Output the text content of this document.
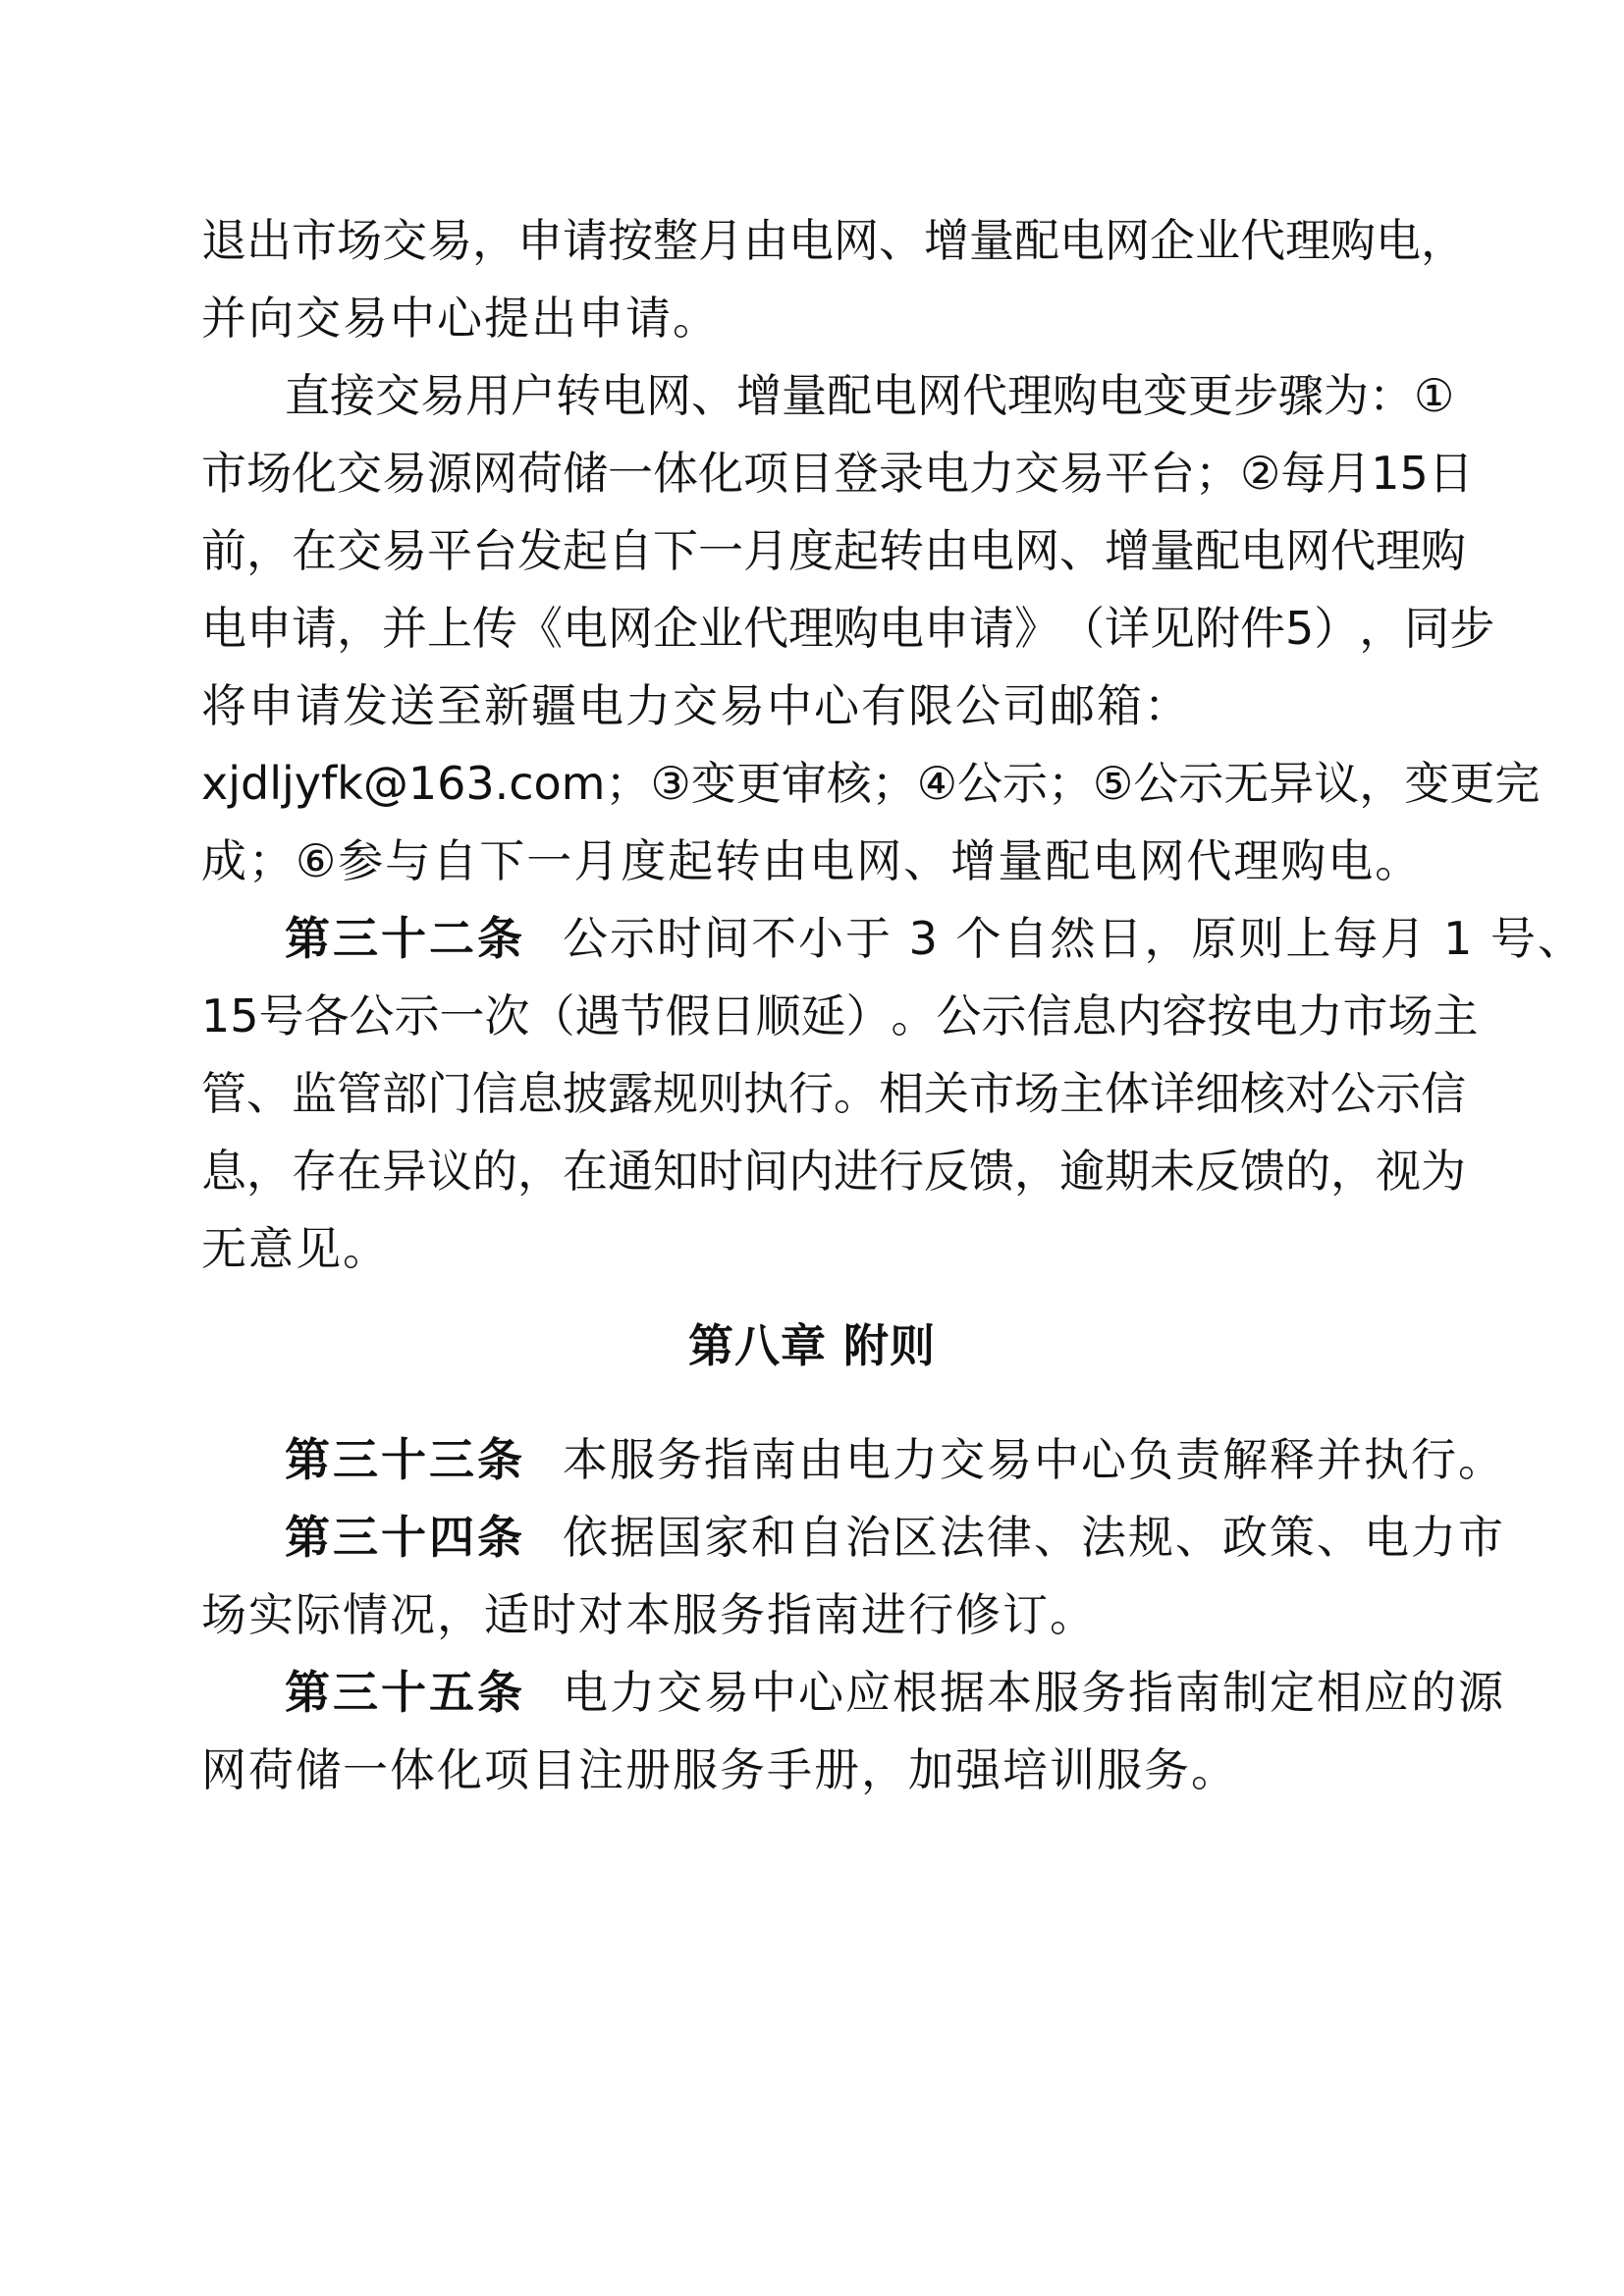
退 出 市 场 交 易 ， 申 请 按 整 月 由 电 网 、 增 量 配 电 网 企 业 代 理 购 电 ，
并向交易中心提出申请。
直 接 交 易 用 户 转 电 网 、 增 量 配 电 网 代 理 购 电 变 更 步 骤 为 ： ①
市 场 化 交 易 源 网 荷 储 一 体 化 项 目 登 录 电 力 交 易 平 台 ； ② 每 月 15 日
前 ， 在 交 易 平 台 发 起 自 下 一 月 度 起 转 由 电 网 、 增 量 配 电 网 代 理 购
电 申 请 ， 并 上 传 《 电 网 企 业 代 理 购 电 申 请 》 （ 详 见 附 件 5 ） ， 同 步
将申请发送至新疆电力交易中心有限公司邮箱：
xjdljyfk@163.com ； ③ 变 更 审 核 ； ④ 公 示 ； ⑤ 公 示 无 异 议 ， 变 更 完
成；⑥参与自下一月度起转由电网、增量配电网代理购电。
第三十二条 公示时间不小于 3 个自然日，原则上每月 1 号、
15 号 各 公 示 一 次 （ 遇 节 假 日 顺 延 ） 。 公 示 信 息 内 容 按 电 力 市 场 主
管 、 监 管 部 门 信 息 披 露 规 则 执 行 。 相 关 市 场 主 体 详 细 核 对 公 示 信
息 ， 存 在 异 议 的 ， 在 通 知 时 间 内 进 行 反 馈 ， 逾 期 未 反 馈 的 ， 视 为
无意见。
第八章 附则
第三十三条 本服务指南由电力交易中心负责解释并执行。
第三十四条 依据国家和自治区法律、法规、政策、电力市
场实际情况，适时对本服务指南进行修订。
第三十五条 电力交易中心应根据本服务指南制定相应的源
网荷储一体化项目注册服务手册，加强培训服务。
